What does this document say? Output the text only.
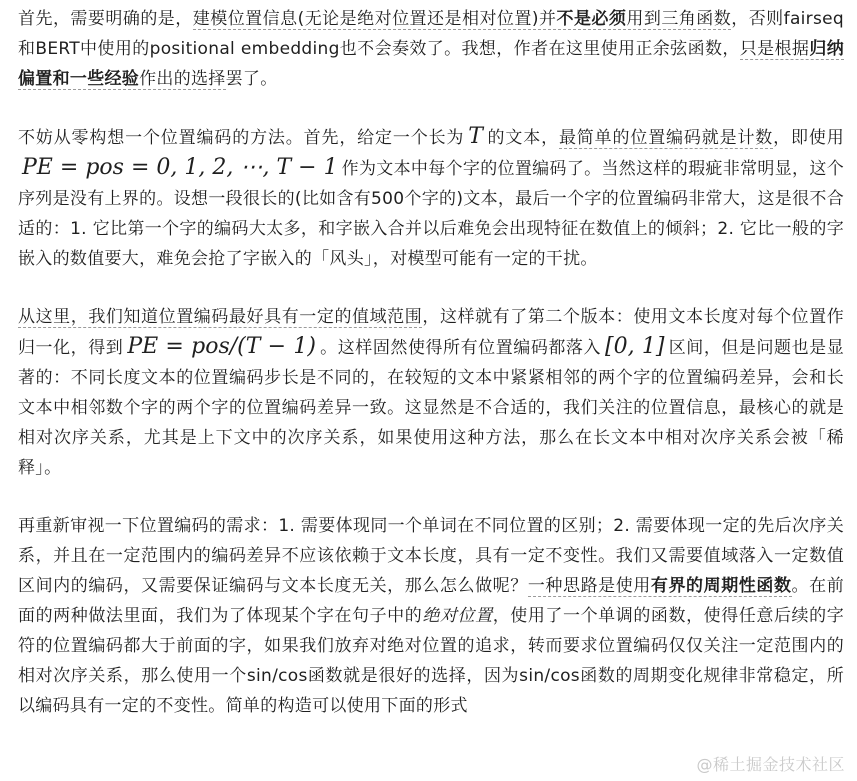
首先，需要明确的是，建模位置信息(无论是绝对位置还是相对位置)并不是必须用到三角函数，否则fairseq和BERT中使用的positional embedding也不会奏效了。我想，作者在这里使用正余弦函数，只是根据归纳偏置和一些经验作出的选择罢了。

不妨从零构想一个位置编码的方法。首先，给定一个长为 T 的文本，最简单的位置编码就是计数，即使用PE = pos = 0, 1, 2, ⋯, T − 1 作为文本中每个字的位置编码了。当然这样的瑕疵非常明显，这个序列是没有上界的。设想一段很长的(比如含有500个字的)文本，最后一个字的位置编码非常大，这是很不合适的：1. 它比第一个字的编码大太多，和字嵌入合并以后难免会出现特征在数值上的倾斜；2. 它比一般的字嵌入的数值要大，难免会抢了字嵌入的「风头」，对模型可能有一定的干扰。

从这里，我们知道位置编码最好具有一定的值域范围，这样就有了第二个版本：使用文本长度对每个位置作归一化，得到 PE = pos/(T − 1) 。这样固然使得所有位置编码都落入 [0, 1] 区间，但是问题也是显著的：不同长度文本的位置编码步长是不同的，在较短的文本中紧紧相邻的两个字的位置编码差异，会和长文本中相邻数个字的两个字的位置编码差异一致。这显然是不合适的，我们关注的位置信息，最核心的就是相对次序关系，尤其是上下文中的次序关系，如果使用这种方法，那么在长文本中相对次序关系会被「稀释」。

再重新审视一下位置编码的需求：1. 需要体现同一个单词在不同位置的区别；2. 需要体现一定的先后次序关系，并且在一定范围内的编码差异不应该依赖于文本长度，具有一定不变性。我们又需要值域落入一定数值区间内的编码，又需要保证编码与文本长度无关，那么怎么做呢？一种思路是使用有界的周期性函数。在前面的两种做法里面，我们为了体现某个字在句子中的绝对位置，使用了一个单调的函数，使得任意后续的字符的位置编码都大于前面的字，如果我们放弃对绝对位置的追求，转而要求位置编码仅仅关注一定范围内的相对次序关系，那么使用一个sin/cos函数就是很好的选择，因为sin/cos函数的周期变化规律非常稳定，所以编码具有一定的不变性。简单的构造可以使用下面的形式

@稀土掘金技术社区
